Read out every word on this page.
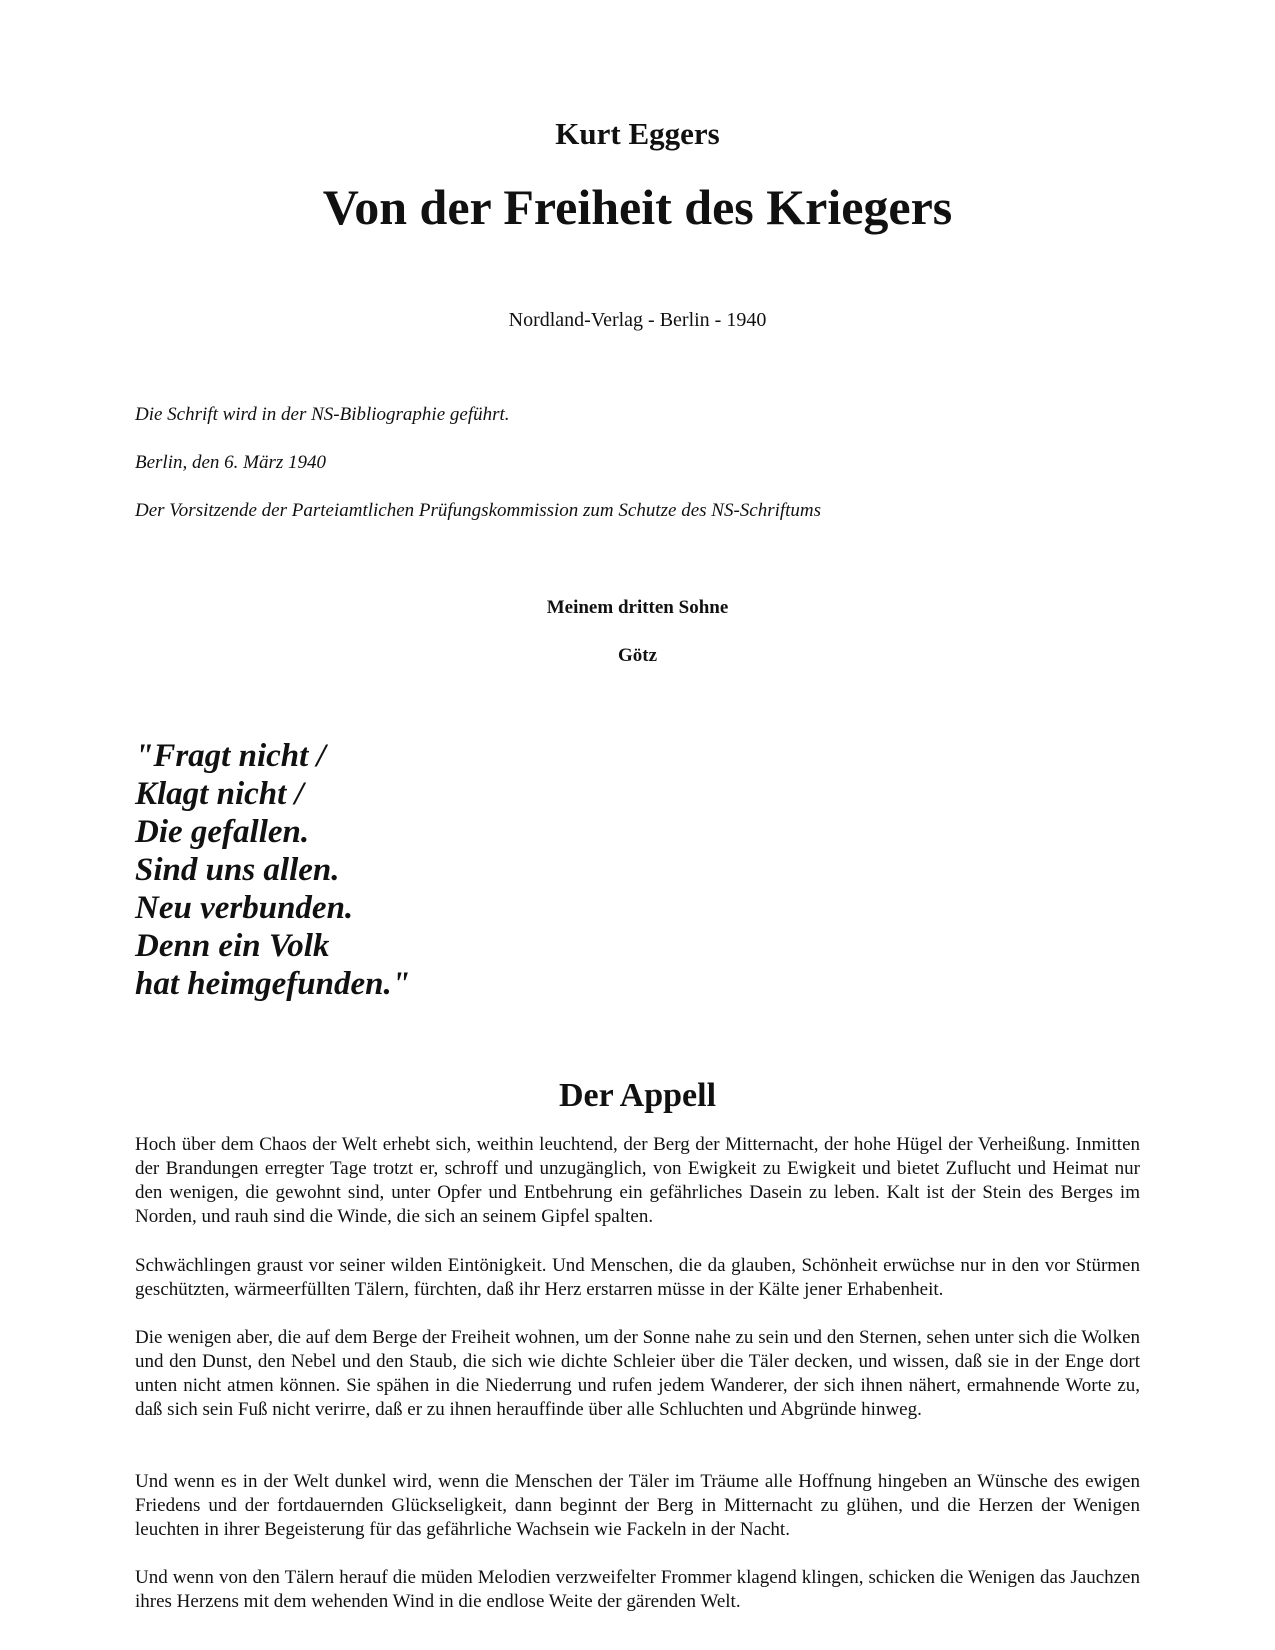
Kurt Eggers
Von der Freiheit des Kriegers
Nordland-Verlag - Berlin - 1940
Die Schrift wird in der NS-Bibliographie geführt.
Berlin, den 6. März 1940
Der Vorsitzende der Parteiamtlichen Prüfungskommission zum Schutze des NS-Schriftums
Meinem dritten Sohne
Götz
"Fragt nicht /
Klagt nicht /
Die gefallen.
Sind uns allen.
Neu verbunden.
Denn ein Volk
hat heimgefunden."
Der Appell
Hoch über dem Chaos der Welt erhebt sich, weithin leuchtend, der Berg der Mitternacht, der hohe Hügel der Verheißung. Inmitten der Brandungen erregter Tage trotzt er, schroff und unzugänglich, von Ewigkeit zu Ewigkeit und bietet Zuflucht und Heimat nur den wenigen, die gewohnt sind, unter Opfer und Entbehrung ein gefährliches Dasein zu leben. Kalt ist der Stein des Berges im Norden, und rauh sind die Winde, die sich an seinem Gipfel spalten.
Schwächlingen graust vor seiner wilden Eintönigkeit. Und Menschen, die da glauben, Schönheit erwüchse nur in den vor Stürmen geschützten, wärmeerfüllten Tälern, fürchten, daß ihr Herz erstarren müsse in der Kälte jener Erhabenheit.
Die wenigen aber, die auf dem Berge der Freiheit wohnen, um der Sonne nahe zu sein und den Sternen, sehen unter sich die Wolken und den Dunst, den Nebel und den Staub, die sich wie dichte Schleier über die Täler decken, und wissen, daß sie in der Enge dort unten nicht atmen können. Sie spähen in die Niederrung und rufen jedem Wanderer, der sich ihnen nähert, ermahnende Worte zu, daß sich sein Fuß nicht verirre, daß er zu ihnen herauffinde über alle Schluchten und Abgründe hinweg.
Und wenn es in der Welt dunkel wird, wenn die Menschen der Täler im Träume alle Hoffnung hingeben an Wünsche des ewigen Friedens und der fortdauernden Glückseligkeit, dann beginnt der Berg in Mitternacht zu glühen, und die Herzen der Wenigen leuchten in ihrer Begeisterung für das gefährliche Wachsein wie Fackeln in der Nacht.
Und wenn von den Tälern herauf die müden Melodien verzweifelter Frommer klagend klingen, schicken die Wenigen das Jauchzen ihres Herzens mit dem wehenden Wind in die endlose Weite der gärenden Welt.
